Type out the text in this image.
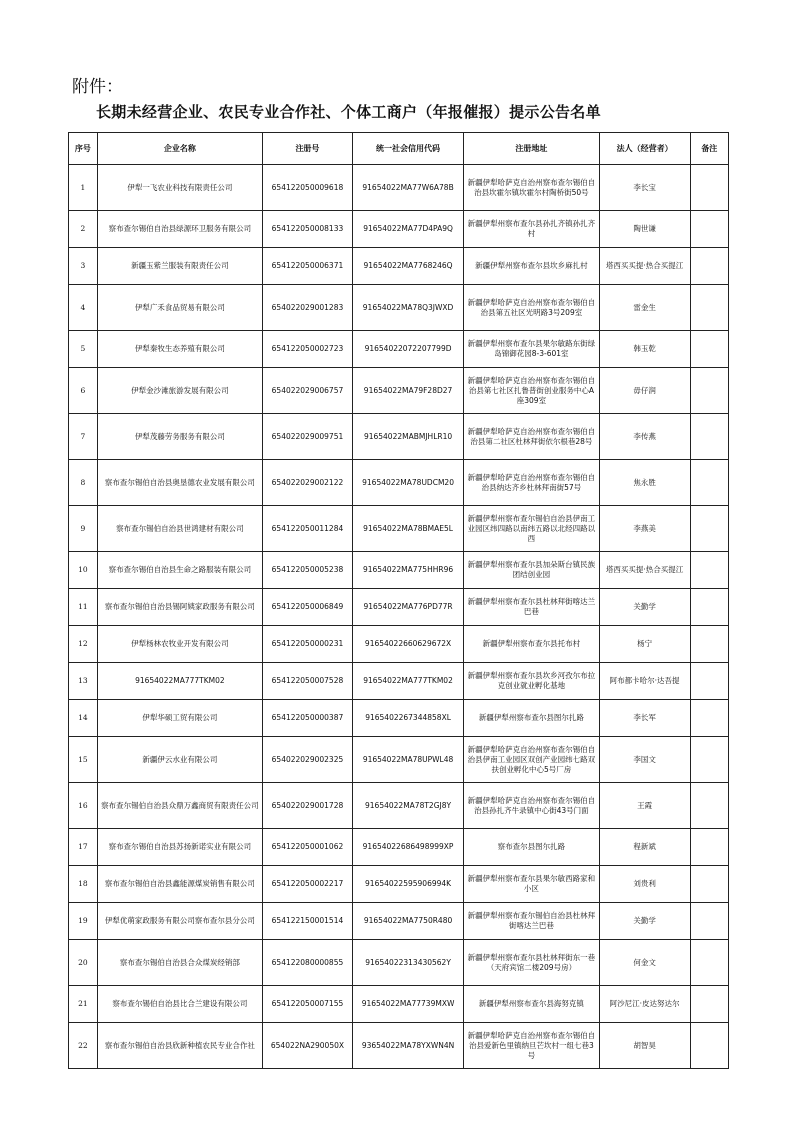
附件：
长期未经营企业、农民专业合作社、个体工商户（年报催报）提示公告名单
序号	企业名称	注册号	统一社会信用代码	注册地址	法人（经营者）	备注
1	伊犁一飞农业科技有限责任公司	654122050009618	91654022MA77W6A78B	新疆伊犁哈萨克自治州察布查尔锡伯自治县坎霍尔镇坎霍尔村陶桥街50号	李长宝	
2	察布查尔锡伯自治县绿源环卫服务有限公司	654122050008133	91654022MA77D4PA9Q	新疆伊犁州察布查尔县孙扎齐镇孙扎齐村	陶世谦	
3	新疆玉紫兰服装有限责任公司	654122050006371	91654022MA7768246Q	新疆伊犁州察布查尔县坎乡麻扎村	塔西买买提·热合买提江	
4	伊犁广禾食品贸易有限公司	654022029001283	91654022MA78Q3JWXD	新疆伊犁哈萨克自治州察布查尔锡伯自治县第五社区光明路3号209室	雷金生	
5	伊犁秦牧生态养殖有限公司	654122050002723	91654022072207799D	新疆伊犁州察布查尔县果尔敏路东街绿岛锦御花园8-3-601室	韩玉乾	
6	伊犁金沙滩旅游发展有限公司	654022029006757	91654022MA79F28D27	新疆伊犁哈萨克自治州察布查尔锡伯自治县第七社区扎鲁普街创业服务中心A座309室	毋仔润	
7	伊犁茂藤劳务服务有限公司	654022029009751	91654022MABMJHLR10	新疆伊犁哈萨克自治州察布查尔锡伯自治县第二社区杜林拜街依尔根巷28号	李传燕	
8	察布查尔锡伯自治县奥垦德农业发展有限公司	654022029002122	91654022MA78UDCM20	新疆伊犁哈萨克自治州察布查尔锡伯自治县纳达齐乡杜林拜南街57号	焦永胜	
9	察布查尔锡伯自治县世鸿建材有限公司	654122050011284	91654022MA78BMAE5L	新疆伊犁州察布查尔锡伯自治县伊南工业园区纬四路以南纬五路以北经四路以西	李燕美	
10	察布查尔锡伯自治县生命之路服装有限公司	654122050005238	91654022MA775HHR96	新疆伊犁州察布查尔县加朵斯台镇民族团结创业园	塔西买买提·热合买提江	
11	察布查尔锡伯自治县锡阿姨家政服务有限公司	654122050006849	91654022MA776PD77R	新疆伊犁州察布查尔县杜林拜街喀达兰巴巷	关勤学	
12	伊犁杨林农牧业开发有限公司	654122050000231	91654022660629672X	新疆伊犁州察布查尔县托布村	杨宁	
13	91654022MA777TKM02	654122050007528	91654022MA777TKM02	新疆伊犁州察布查尔县坎乡河孜尔布拉克创业就业孵化基地	阿布都卡哈尔·达吾提	
14	伊犁华硕工贸有限公司	654122050000387	9165402267344858XL	新疆伊犁州察布查尔县图尔扎路	李长军	
15	新疆伊云水业有限公司	654022029002325	91654022MA78UPWL48	新疆伊犁哈萨克自治州察布查尔锡伯自治县伊南工业园区双创产业园纬七路双扶创业孵化中心5号厂房	李国文	
16	察布查尔锡伯自治县众鼎万鑫商贸有限责任公司	654022029001728	91654022MA78T2GJ8Y	新疆伊犁哈萨克自治州察布查尔锡伯自治县孙扎齐牛录镇中心街43号门面	王霞	
17	察布查尔锡伯自治县苏扬新诺实业有限公司	654122050001062	91654022686498999XP	察布查尔县图尔扎路	程新斌	
18	察布查尔锡伯自治县鑫能源煤炭销售有限公司	654122050002217	91654022595906994K	新疆伊犁州察布查尔县果尔敏西路家和小区	刘贵利	
19	伊犁优萌家政服务有限公司察布查尔县分公司	654122150001514	91654022MA7750R480	新疆伊犁州察布查尔锡伯自治县杜林拜街喀达兰巴巷	关勤学	
20	察布查尔锡伯自治县合众煤炭经销部	654122080000855	91654022313430562Y	新疆伊犁州察布查尔县杜林拜街东一巷（天府宾馆二楼209号房）	何金文	
21	察布查尔锡伯自治县比合兰建设有限公司	654122050007155	91654022MA77739MXW	新疆伊犁州察布查尔县海努克镇	阿沙尼江·皮达努达尔	
22	察布查尔锡伯自治县欣新种植农民专业合作社	654022NA290050X	93654022MA78YXWN4N	新疆伊犁哈萨克自治州察布查尔锡伯自治县爱新色里镇纳旦芒坎村一组七巷3号	胡智昊	
